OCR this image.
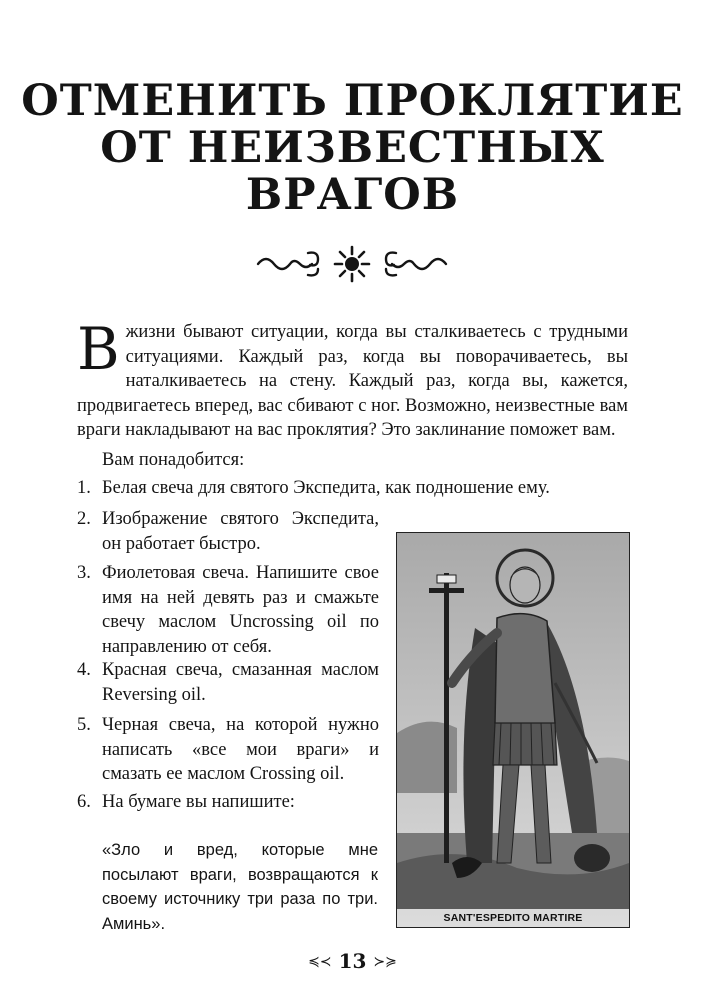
ОТМЕНИТЬ ПРОКЛЯТИЕ
ОТ НЕИЗВЕСТНЫХ
ВРАГОВ

Вжизни бывают ситуации, когда вы сталкиваетесь с трудными ситуациями. Каждый раз, когда вы поворачиваетесь, вы наталкиваетесь на стену. Каждый раз, когда вы, кажется, продвигаетесь вперед, вас сбивают с ног. Возможно, неизвестные вам враги накладывают на вас проклятия? Это заклинание поможет вам.

Вам понадобится:

1. Белая свеча для святого Экспедита, как подношение ему.
2. Изображение святого Экспедита, он работает быстро.
3. Фиолетовая свеча. Напишите свое имя на ней девять раз и смажьте свечу маслом Uncrossing oil по направлению от себя.
4. Красная свеча, смазанная маслом Reversing oil.
5. Черная свеча, на которой нужно написать «все мои враги» и смазать ее маслом Crossing oil.
6. На бумаге вы напишите:

«Зло и вред, которые мне посылают враги, возвращаются к своему источнику три раза по три. Аминь».	SANT'ESPEDITO MARTIRE
≼≺ 13 ≻≽
